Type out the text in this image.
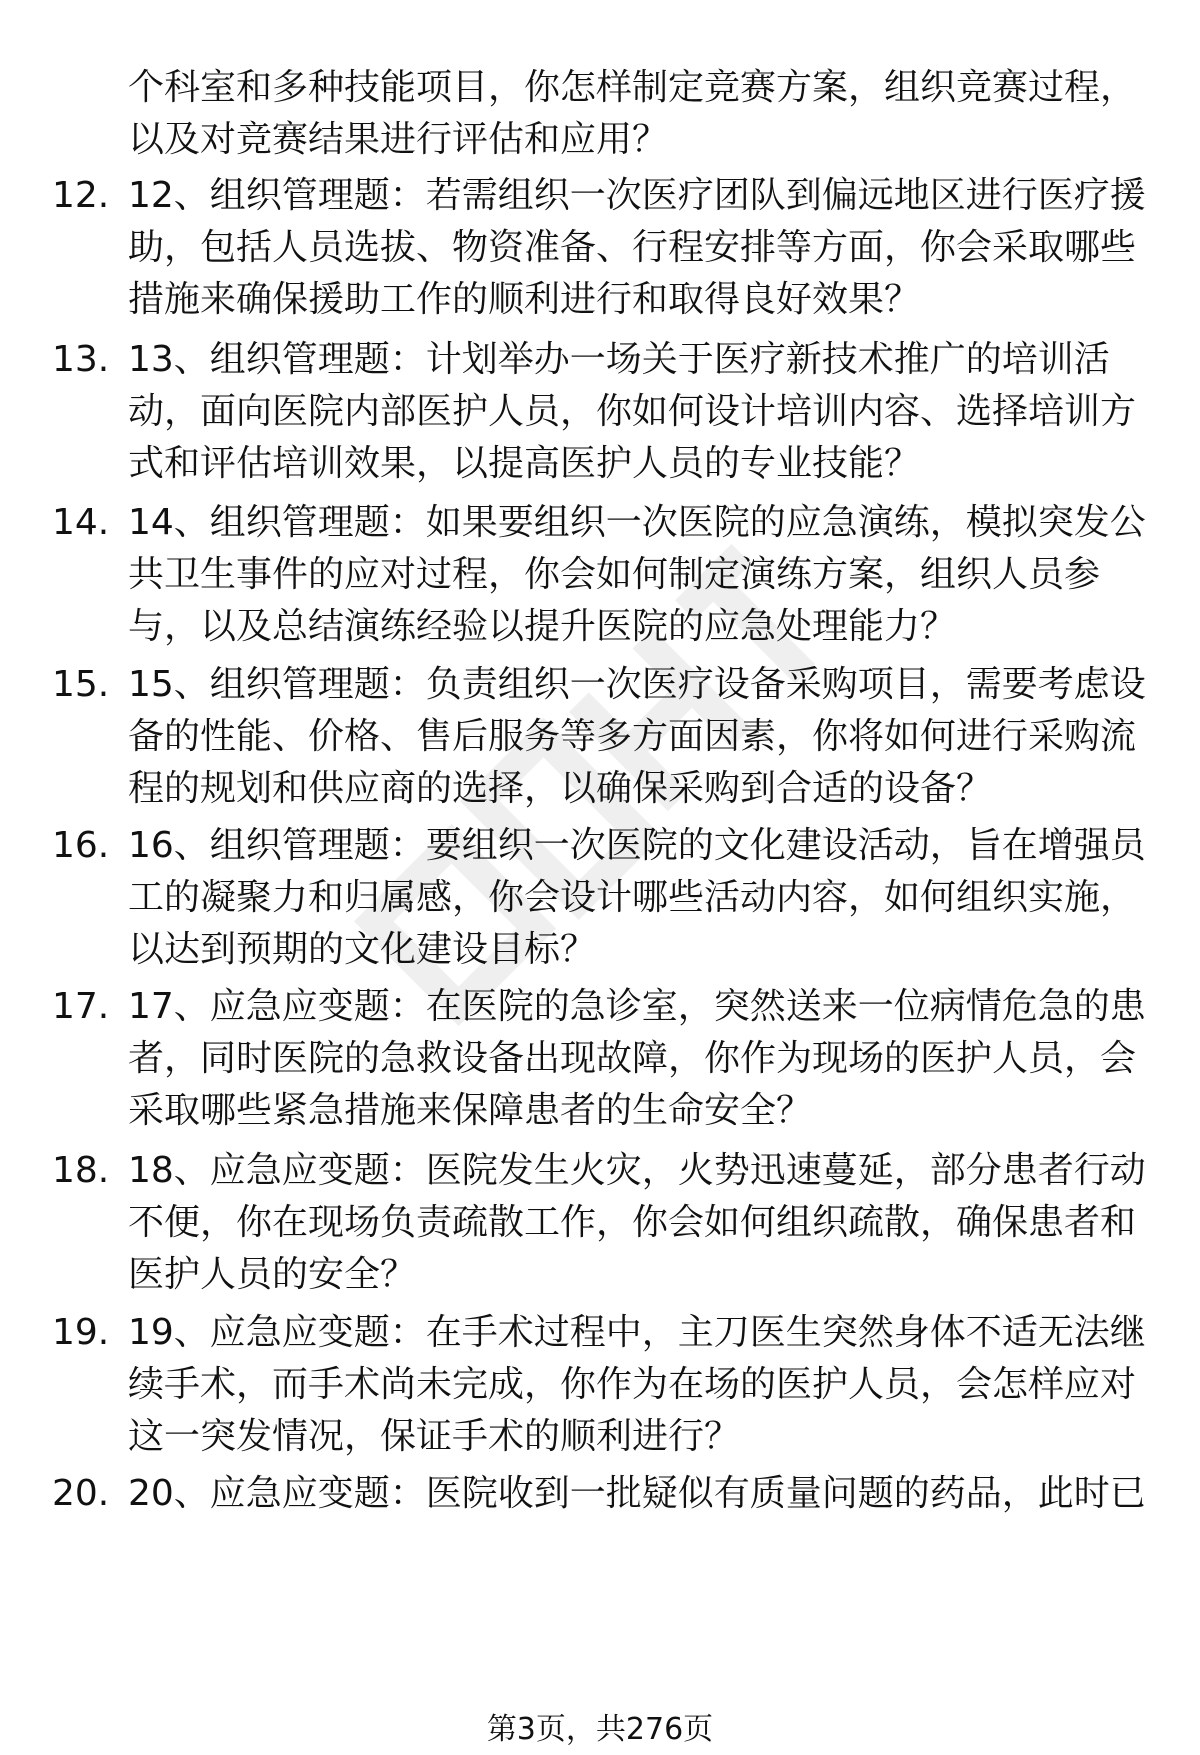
个科室和多种技能项目，你怎样制定竞赛方案，组织竞赛过程，以及对竞赛结果进行评估和应用？
12. 12、组织管理题：若需组织一次医疗团队到偏远地区进行医疗援助，包括人员选拔、物资准备、行程安排等方面，你会采取哪些措施来确保援助工作的顺利进行和取得良好效果？
13. 13、组织管理题：计划举办一场关于医疗新技术推广的培训活动，面向医院内部医护人员，你如何设计培训内容、选择培训方式和评估培训效果，以提高医护人员的专业技能？
14. 14、组织管理题：如果要组织一次医院的应急演练，模拟突发公共卫生事件的应对过程，你会如何制定演练方案，组织人员参与，以及总结演练经验以提升医院的应急处理能力？
15. 15、组织管理题：负责组织一次医疗设备采购项目，需要考虑设备的性能、价格、售后服务等多方面因素，你将如何进行采购流程的规划和供应商的选择，以确保采购到合适的设备？
16. 16、组织管理题：要组织一次医院的文化建设活动，旨在增强员工的凝聚力和归属感，你会设计哪些活动内容，如何组织实施，以达到预期的文化建设目标？
17. 17、应急应变题：在医院的急诊室，突然送来一位病情危急的患者，同时医院的急救设备出现故障，你作为现场的医护人员，会采取哪些紧急措施来保障患者的生命安全？
18. 18、应急应变题：医院发生火灾，火势迅速蔓延，部分患者行动不便，你在现场负责疏散工作，你会如何组织疏散，确保患者和医护人员的安全？
19. 19、应急应变题：在手术过程中，主刀医生突然身体不适无法继续手术，而手术尚未完成，你作为在场的医护人员，会怎样应对这一突发情况，保证手术的顺利进行？
20. 20、应急应变题：医院收到一批疑似有质量问题的药品，此时已
第3页，共276页
